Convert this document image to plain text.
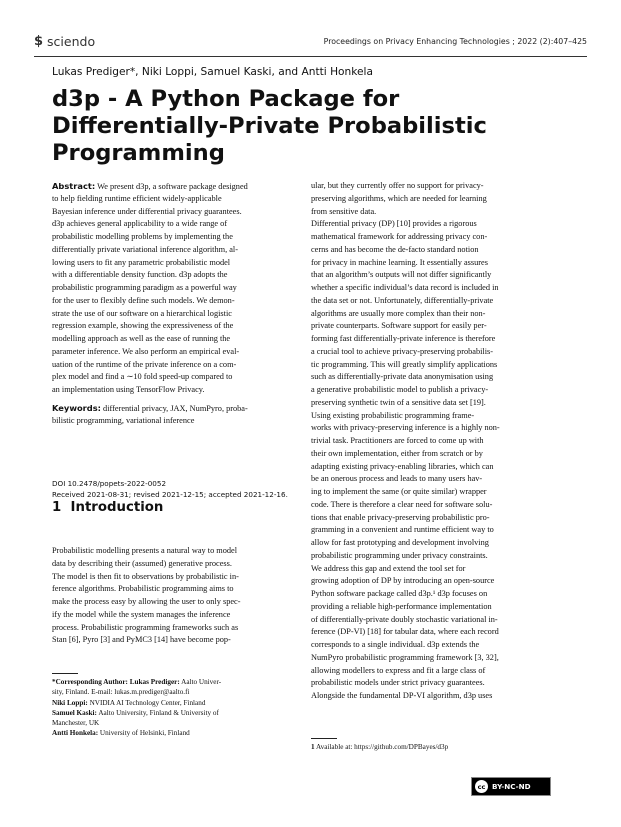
$ sciendo	Proceedings on Privacy Enhancing Technologies ; 2022 (2):407–425
Lukas Prediger*, Niki Loppi, Samuel Kaski, and Antti Honkela
d3p - A Python Package for
Differentially-Private Probabilistic
Programming
Abstract: We present d3p, a software package designed
to help fielding runtime efficient widely-applicable
Bayesian inference under differential privacy guarantees.
d3p achieves general applicability to a wide range of
probabilistic modelling problems by implementing the
differentially private variational inference algorithm, al-
lowing users to fit any parametric probabilistic model
with a differentiable density function. d3p adopts the
probabilistic programming paradigm as a powerful way
for the user to flexibly define such models. We demon-
strate the use of our software on a hierarchical logistic
regression example, showing the expressiveness of the
modelling approach as well as the ease of running the
parameter inference. We also perform an empirical eval-
uation of the runtime of the private inference on a com-
plex model and find a ∼10 fold speed-up compared to
an implementation using TensorFlow Privacy.
Keywords: differential privacy, JAX, NumPyro, proba-
bilistic programming, variational inference
DOI 10.2478/popets-2022-0052
Received 2021-08-31; revised 2021-12-15; accepted 2021-12-16.
1 Introduction
Probabilistic modelling presents a natural way to model
data by describing their (assumed) generative process.
The model is then fit to observations by probabilistic in-
ference algorithms. Probabilistic programming aims to
make the process easy by allowing the user to only spec-
ify the model while the system manages the inference
process. Probabilistic programming frameworks such as
Stan [6], Pyro [3] and PyMC3 [14] have become pop-
*Corresponding Author: Lukas Prediger: Aalto Univer-
sity, Finland. E-mail: lukas.m.prediger@aalto.fi
Niki Loppi: NVIDIA AI Technology Center, Finland
Samuel Kaski: Aalto University, Finland & University of
Manchester, UK
Antti Honkela: University of Helsinki, Finland
ular, but they currently offer no support for privacy-
preserving algorithms, which are needed for learning
from sensitive data.
Differential privacy (DP) [10] provides a rigorous
mathematical framework for addressing privacy con-
cerns and has become the de-facto standard notion
for privacy in machine learning. It essentially assures
that an algorithm’s outputs will not differ significantly
whether a specific individual’s data record is included in
the data set or not. Unfortunately, differentially-private
algorithms are usually more complex than their non-
private counterparts. Software support for easily per-
forming fast differentially-private inference is therefore
a crucial tool to achieve privacy-preserving probabilis-
tic programming. This will greatly simplify applications
such as differentially-private data anonymisation using
a generative probabilistic model to publish a privacy-
preserving synthetic twin of a sensitive data set [19].
Using existing probabilistic programming frame-
works with privacy-preserving inference is a highly non-
trivial task. Practitioners are forced to come up with
their own implementation, either from scratch or by
adapting existing privacy-enabling libraries, which can
be an onerous process and leads to many users hav-
ing to implement the same (or quite similar) wrapper
code. There is therefore a clear need for software solu-
tions that enable privacy-preserving probabilistic pro-
gramming in a convenient and runtime efficient way to
allow for fast prototyping and development involving
probabilistic programming under privacy constraints.
We address this gap and extend the tool set for
growing adoption of DP by introducing an open-source
Python software package called d3p.¹ d3p focuses on
providing a reliable high-performance implementation
of differentially-private doubly stochastic variational in-
ference (DP-VI) [18] for tabular data, where each record
corresponds to a single individual. d3p extends the
NumPyro probabilistic programming framework [3, 32],
allowing modellers to express and fit a large class of
probabilistic models under strict privacy guarantees.
Alongside the fundamental DP-VI algorithm, d3p uses
1 Available at: https://github.com/DPBayes/d3p
cc BY-NC-ND
